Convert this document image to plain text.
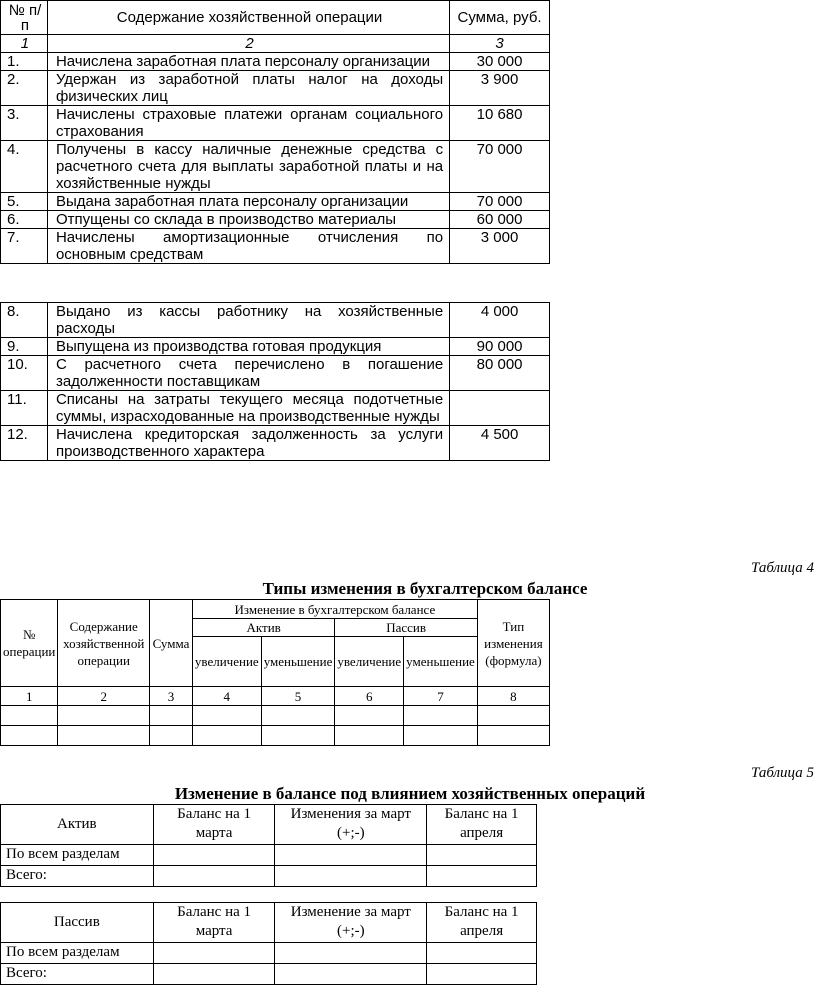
№ п/п	Содержание хозяйственной операции	Сумма, руб.
1	2	3
1.	Начислена заработная плата персоналу организации	30 000
2.	Удержан из заработной платы налог на доходы физических лиц	3 900
3.	Начислены страховые платежи органам социального страхования	10 680
4.	Получены в кассу наличные денежные средства с расчетного счета для выплаты заработной платы и на хозяйственные нужды	70 000
5.	Выдана заработная плата персоналу организации	70 000
6.	Отпущены со склада в производство материалы	60 000
7.	Начислены амортизационные отчисления по основным средствам	3 000
8.	Выдано из кассы работнику на хозяйственные расходы	4 000
9.	Выпущена из производства готовая продукция	90 000
10.	С расчетного счета перечислено в погашение задолженности поставщикам	80 000
11.	Списаны на затраты текущего месяца подотчетные суммы, израсходованные на производственные нужды	
12.	Начислена кредиторская задолженность за услуги производственного характера	4 500
Таблица 4
Типы изменения в бухгалтерском балансе
№ операции	Содержание хозяйственной операции	Сумма	Изменение в бухгалтерском балансе				Тип изменения (формула)
			Актив		Пассив		
			увеличение	уменьшение	увеличение	уменьшение	
1	2	3	4	5	6	7	8

Таблица 5
Изменение в балансе под влиянием хозяйственных операций
Актив	Баланс на 1 марта	Изменения за март (+;-)	Баланс на 1 апреля
По всем разделам			
Всего:			
Пассив	Баланс на 1 марта	Изменение за март (+;-)	Баланс на 1 апреля
По всем разделам			
Всего:			
